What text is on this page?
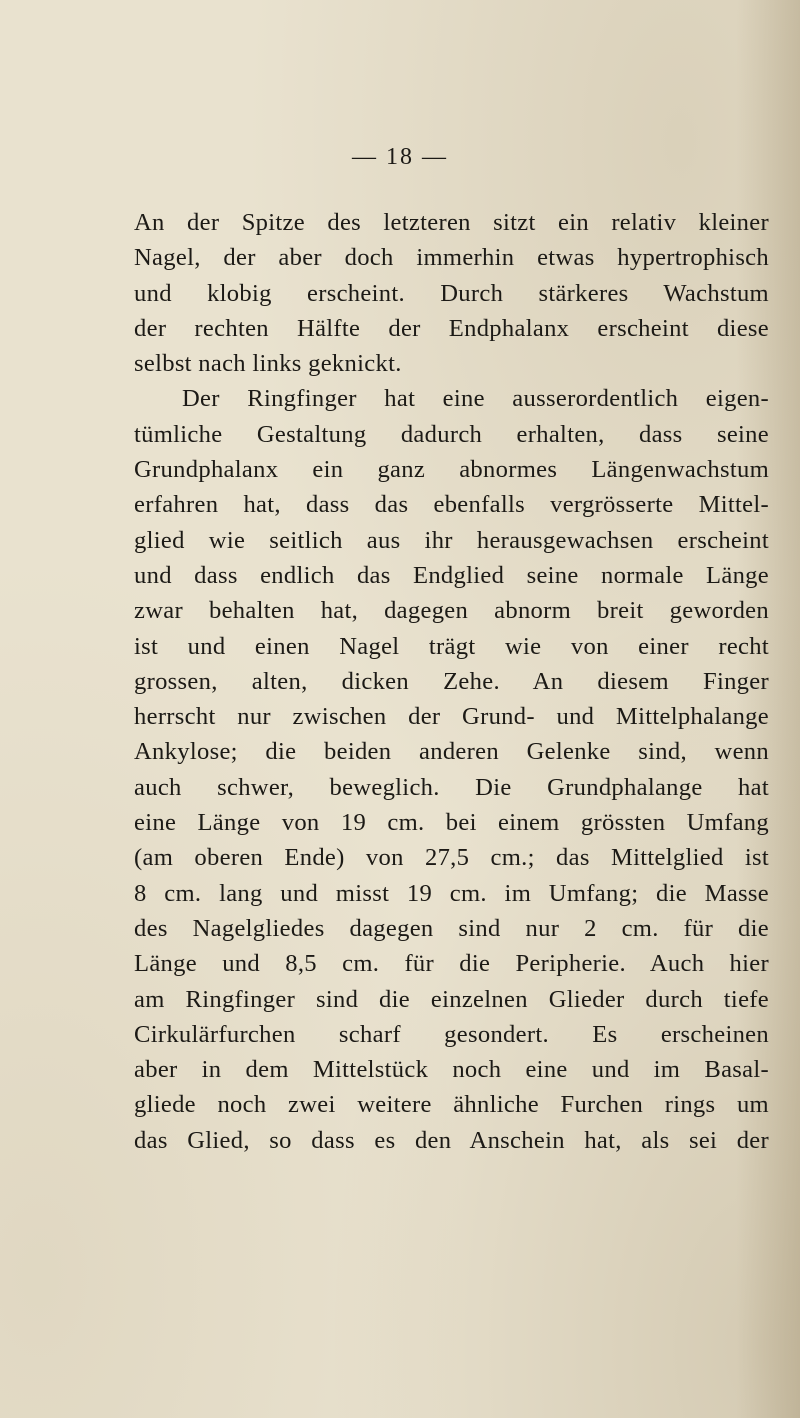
— 18 —
An der Spitze des letzteren sitzt ein relativ kleiner
Nagel, der aber doch immerhin etwas hypertrophisch
und klobig erscheint. Durch stärkeres Wachstum
der rechten Hälfte der Endphalanx erscheint diese
selbst nach links geknickt.
Der Ringfinger hat eine ausserordentlich eigen-
tümliche Gestaltung dadurch erhalten, dass seine
Grundphalanx ein ganz abnormes Längenwachstum
erfahren hat, dass das ebenfalls vergrösserte Mittel-
glied wie seitlich aus ihr herausgewachsen erscheint
und dass endlich das Endglied seine normale Länge
zwar behalten hat, dagegen abnorm breit geworden
ist und einen Nagel trägt wie von einer recht
grossen, alten, dicken Zehe. An diesem Finger
herrscht nur zwischen der Grund- und Mittelphalange
Ankylose; die beiden anderen Gelenke sind, wenn
auch schwer, beweglich. Die Grundphalange hat
eine Länge von 19 cm. bei einem grössten Umfang
(am oberen Ende) von 27,5 cm.; das Mittelglied ist
8 cm. lang und misst 19 cm. im Umfang; die Masse
des Nagelgliedes dagegen sind nur 2 cm. für die
Länge und 8,5 cm. für die Peripherie. Auch hier
am Ringfinger sind die einzelnen Glieder durch tiefe
Cirkulärfurchen scharf gesondert. Es erscheinen
aber in dem Mittelstück noch eine und im Basal-
gliede noch zwei weitere ähnliche Furchen rings um
das Glied, so dass es den Anschein hat, als sei der
